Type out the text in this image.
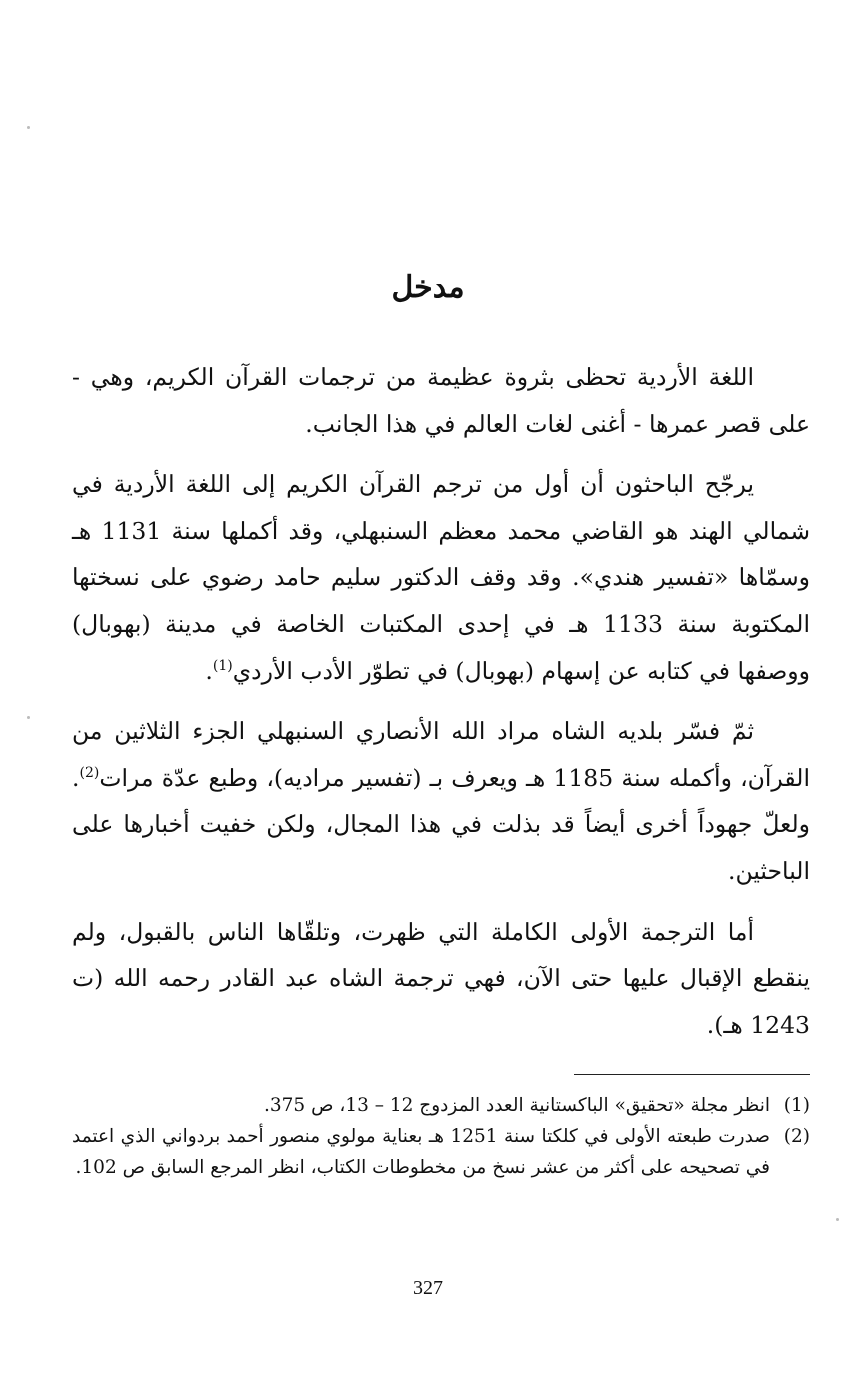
مدخل

اللغة الأردية تحظى بثروة عظيمة من ترجمات القرآن الكريم، وهي - على قصر عمرها - أغنى لغات العالم في هذا الجانب.

يرجّح الباحثون أن أول من ترجم القرآن الكريم إلى اللغة الأردية في شمالي الهند هو القاضي محمد معظم السنبهلي، وقد أكملها سنة 1131 هـ وسمّاها «تفسير هندي». وقد وقف الدكتور سليم حامد رضوي على نسختها المكتوبة سنة 1133 هـ في إحدى المكتبات الخاصة في مدينة (بهوبال) ووصفها في كتابه عن إسهام (بهوبال) في تطوّر الأدب الأردي$^{(1)}$.

ثمّ فسّر بلديه الشاه مراد الله الأنصاري السنبهلي الجزء الثلاثين من القرآن، وأكمله سنة 1185 هـ ويعرف بـ (تفسير مراديه)، وطبع عدّة مرات$^{(2)}$. ولعلّ جهوداً أخرى أيضاً قد بذلت في هذا المجال، ولكن خفيت أخبارها على الباحثين.

أما الترجمة الأولى الكاملة التي ظهرت، وتلقّاها الناس بالقبول، ولم ينقطع الإقبال عليها حتى الآن، فهي ترجمة الشاه عبد القادر رحمه الله (ت 1243 هـ).

(1)
انظر مجلة «تحقيق» الباكستانية العدد المزدوج 12 – 13، ص 375.
(2)
صدرت طبعته الأولى في كلكتا سنة 1251 هـ بعناية مولوي منصور أحمد بردواني الذي اعتمد في تصحيحه على أكثر من عشر نسخ من مخطوطات الكتاب، انظر المرجع السابق ص 102.
327
